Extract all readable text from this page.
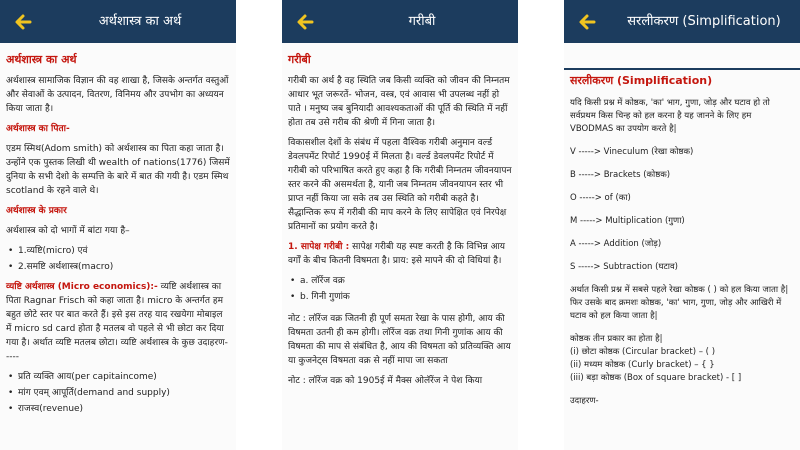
अर्थशास्त्र का अर्थ
अर्थशास्त्र का अर्थ
अर्थशास्त्र सामाजिक विज्ञान की वह शाखा है, जिसके अन्तर्गत वस्तुओं और सेवाओं के उत्पादन, वितरण, विनिमय और उपभोग का अध्ययन किया जाता है।
अर्थशास्त्र का पिता-
एडम स्मिथ(Adom smith) को अर्थशास्त्र का पिता कहा जाता है। उन्होंने एक पुस्तक लिखी थी wealth of nations(1776) जिसमें दुनिया के सभी देशो के सम्पत्ति के बारे में बात की गयी है। एडम स्मिथ scotland के रहने वाले थे।
अर्थशास्त्र के प्रकार
अर्थशास्त्र को दो भागों में बांटा गया है–
• 1.व्यष्टि(micro) एवं
• 2.समष्टि अर्थशास्त्र(macro)
व्यष्टि अर्थशास्त्र (Micro economics):- व्यष्टि अर्थशास्त्र का पिता Ragnar Frisch को कहा जाता है। micro के अन्तर्गत हम बहुत छोटे स्तर पर बात करते हैं। इसे इस तरह याद रखयेगा मोबाइल में micro sd card होता है मतलब वो पहले से भी छोटा कर दिया गया है। अर्थात व्यष्टि मतलब छोटा। व्यष्टि अर्थशास्त्र के कुछ उदाहरण-----
• प्रति व्यक्ति आय(per capitaincome)
• मांग एवम् आपूर्ति(demand and supply)
• राजस्व(revenue)
गरीबी
गरीबी
गरीबी का अर्थ है वह स्थिति जब किसी व्यक्ति को जीवन की निम्नतम आधार भूत जरूरतें- भोजन, वस्त्र, एवं आवास भी उपलब्ध नहीं हो पाते । मनुष्य जब बुनियादी आवश्यकताओं की पूर्ति की स्थिति में नहीं होता तब उसे गरीब की श्रेणी में गिना जाता है।
विकासशील देशों के संबंध में पहला वैश्विक गरीबी अनुमान वर्ल्ड डेवलपमेंट रिपोर्ट 1990ई में मिलता है। वर्ल्ड डेवलपमेंट रिपोर्ट में गरीबी को परिभाषित करते हुए कहा है कि गरीबी निम्नतम जीवनयापन स्तर करने की असमर्थता है, यानी जब निम्नतम जीवनयापन स्तर भी प्राप्त नहीं किया जा सके तब उस स्थिति को गरीबी कहते है। सैद्धान्तिक रूप में गरीबी की माप करने के लिए सापेक्षित एवं निरपेक्ष प्रतिमानों का प्रयोग करते है।
1. सापेक्ष गरीबी : सापेक्ष गरीबी यह स्पष्ट करती है कि विभिन्न आय वर्गों के बीच कितनी विषमता है। प्राय: इसे मापने की दो विधियां है।
• a. लॉरेंज वक्र
• b. गिनी गुणांक
नोट : लॉरेंज वक्र जितनी ही पूर्ण समता रेखा के पास होगी, आय की विषमता उतनी ही कम होगी। लॉरेंज वक्र तथा गिनी गुणांक आय की विषमता की माप से संबंधित है, आय की विषमता को प्रतिव्यक्ति आय या कुजनेट्स विषमता वक्र से नहीं मापा जा सकता
नोट : लॉरेंज वक्र को 1905ई में मैक्स ओलॅरेंज ने पेश किया
सरलीकरण (Simplification)
सरलीकरण (Simplification)
यदि किसी प्रश्न में कोष्ठक, 'का' भाग, गुणा, जोड़ और घटाव हो तो सर्वप्रथम किस चिन्ह को हल करना है यह जानने के लिए हम VBODMAS का उपयोग करते है|
V -----> Vineculum (रेखा कोष्ठक)
B -----> Brackets (कोष्ठक)
O -----> of (का)
M -----> Multiplication (गुणा)
A -----> Addition (जोड़)
S -----> Subtraction (घटाव)
अर्थात किसी प्रश्न में सबसे पहले रेखा कोष्ठक ( ) को हल किया जाता है| फिर उसके बाद क्रमशः कोष्ठक, 'का' भाग, गुणा, जोड़ और आखिरी में घटाव को हल किया जाता है|
कोष्ठक तीन प्रकार का होता है|
(i) छोटा कोष्ठक (Circular bracket) – ( )
(ii) मध्यम कोष्ठक (Curly bracket) – { }
(iii) बड़ा कोष्ठक (Box of square bracket) - [ ]
उदाहरण-
